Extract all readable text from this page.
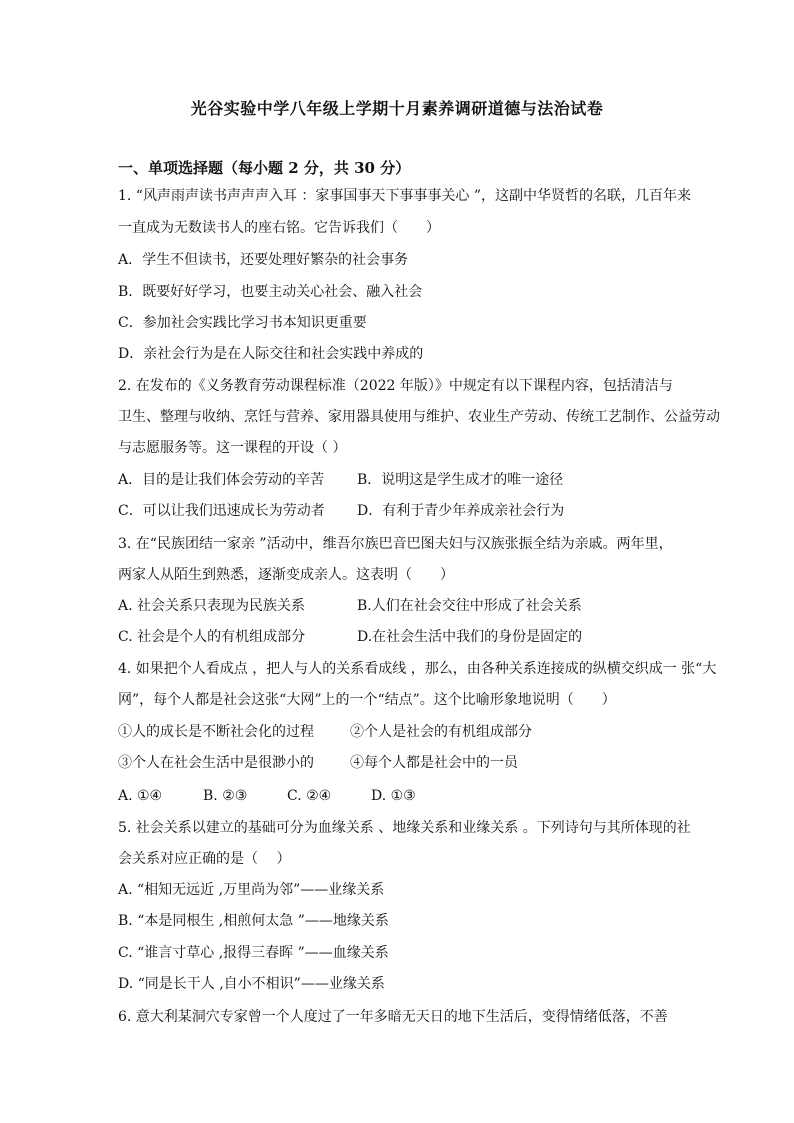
光谷实验中学八年级上学期十月素养调研道德与法治试卷
一、单项选择题（每小题 2 分，共 30 分）
1. “风声雨声读书声声声入耳 ：家事国事天下事事事关心 ”，这副中华贤哲的名联，几百年来
一直成为无数读书人的座右铭。它告诉我们（　　）
A．学生不但读书，还要处理好繁杂的社会事务
B．既要好好学习，也要主动关心社会、融入社会
C．参加社会实践比学习书本知识更重要
D．亲社会行为是在人际交往和社会实践中养成的
2. 在发布的《义务教育劳动课程标准（2022 年版）》中规定有以下课程内容，包括清洁与
卫生、整理与收纳、烹饪与营养、家用器具使用与维护、农业生产劳动、传统工艺制作、公益劳动
与志愿服务等。这一课程的开设（ ）
A．目的是让我们体会劳动的辛苦 B．说明这是学生成才的唯一途径
C．可以让我们迅速成长为劳动者 D．有利于青少年养成亲社会行为
3. 在“民族团结一家亲 ”活动中，维吾尔族巴音巴图夫妇与汉族张振全结为亲戚。两年里，
两家人从陌生到熟悉，逐渐变成亲人。这表明（　　）
A. 社会关系只表现为民族关系	B.人们在社会交往中形成了社会关系
C. 社会是个人的有机组成部分	D.在社会生活中我们的身份是固定的
4. 如果把个人看成点 ，把人与人的关系看成线 ，那么，由各种关系连接成的纵横交织成一 张“大
网”，每个人都是社会这张“大网”上的一个“结点”。这个比喻形象地说明（　　）
①人的成长是不断社会化的过程	②个人是社会的有机组成部分
③个人在社会生活中是很渺小的	④每个人都是社会中的一员
A. ①④	B. ②③	C. ②④	D. ①③
5. 社会关系以建立的基础可分为血缘关系 、地缘关系和业缘关系 。下列诗句与其所体现的社
会关系对应正确的是（　 ）
A. “相知无远近 ,万里尚为邻”——业缘关系
B. “本是同根生 ,相煎何太急 ”——地缘关系
C. “谁言寸草心 ,报得三春晖 ”——血缘关系
D. “同是长干人 ,自小不相识”——业缘关系
6. 意大利某洞穴专家曾一个人度过了一年多暗无天日的地下生活后，变得情绪低落，不善
